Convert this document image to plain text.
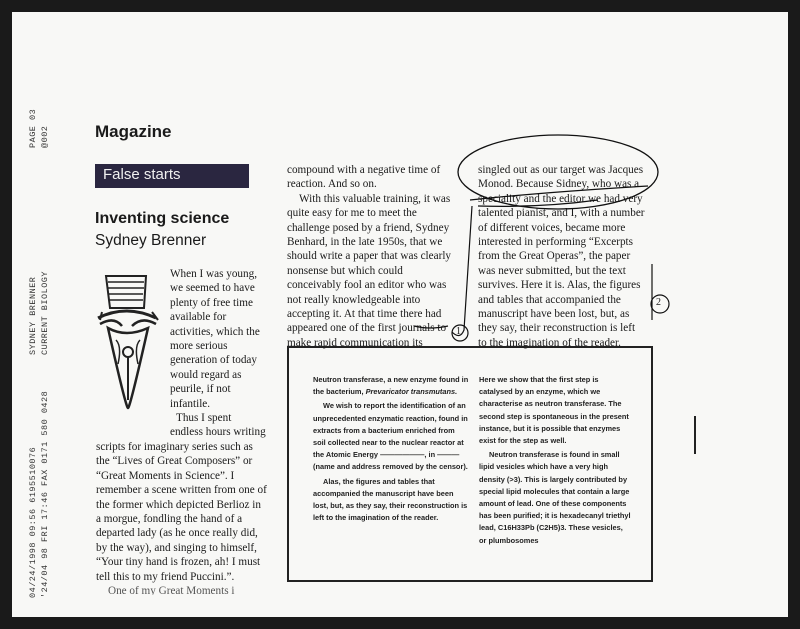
PAGE 03 @002
SYDNEY BRENNER CURRENT BIOLOGY
04/24/1998 09:56 6195510076 '24/04 98 FRI 17:46 FAX 0171 580 0428
Magazine
False starts
Inventing science
Sydney Brenner
When I was young,
we seemed to have
plenty of free time
available for
activities, which the
more serious
generation of today
would regard as
peurile, if not
infantile.
Thus I spent
endless hours writing

scripts for imaginary series such as the “Lives of Great Composers” or “Great Moments in Science”. I remember a scene written from one of the former which depicted Berlioz in a morgue, fondling the hand of a departed lady (as he once really did, by the way), and singing to himself, “Your tiny hand is frozen, ah! I must tell this to my friend Puccini.”.

One of my Great Moments i

compound with a negative time of reaction. And so on.

With this valuable training, it was quite easy for me to meet the challenge posed by a friend, Sydney Benhard, in the late 1950s, that we should write a paper that was clearly nonsense but which could conceivably fool an editor who was not really knowledgeable into accepting it. At that time there had appeared one of the first journals to make rapid communication its

singled out as our target was Jacques Monod. Because Sidney, who was a speciality and the editor we had very talented pianist, and I, with a number of different voices, became more interested in performing “Excerpts from the Great Operas”, the paper was never submitted, but the text survives. Here it is. Alas, the figures and tables that accompanied the manuscript have been lost, but, as they say, their reconstruction is left to the imagination of the reader.

Neutron transferase, a new enzyme found in the bacterium, Prevaricator transmutans.

We wish to report the identification of an unprecedented enzymatic reaction, found in extracts from a bacterium enriched from soil collected near to the nuclear reactor at the Atomic Energy ——————, in ——— (name and address removed by the censor).

Alas, the figures and tables that accompanied the manuscript have been lost, but, as they say, their reconstruction is left to the imagination of the reader.

Here we show that the first step is catalysed by an enzyme, which we characterise as neutron transferase. The second step is spontaneous in the present instance, but it is possible that enzymes exist for the step as well.

Neutron transferase is found in small lipid vesicles which have a very high density (>3). This is largely contributed by special lipid molecules that contain a large amount of lead. One of these components has been purified; it is hexadecanyl triethyl lead, C16H33Pb (C2H5)3. These vesicles, or plumbosomes

1
2
